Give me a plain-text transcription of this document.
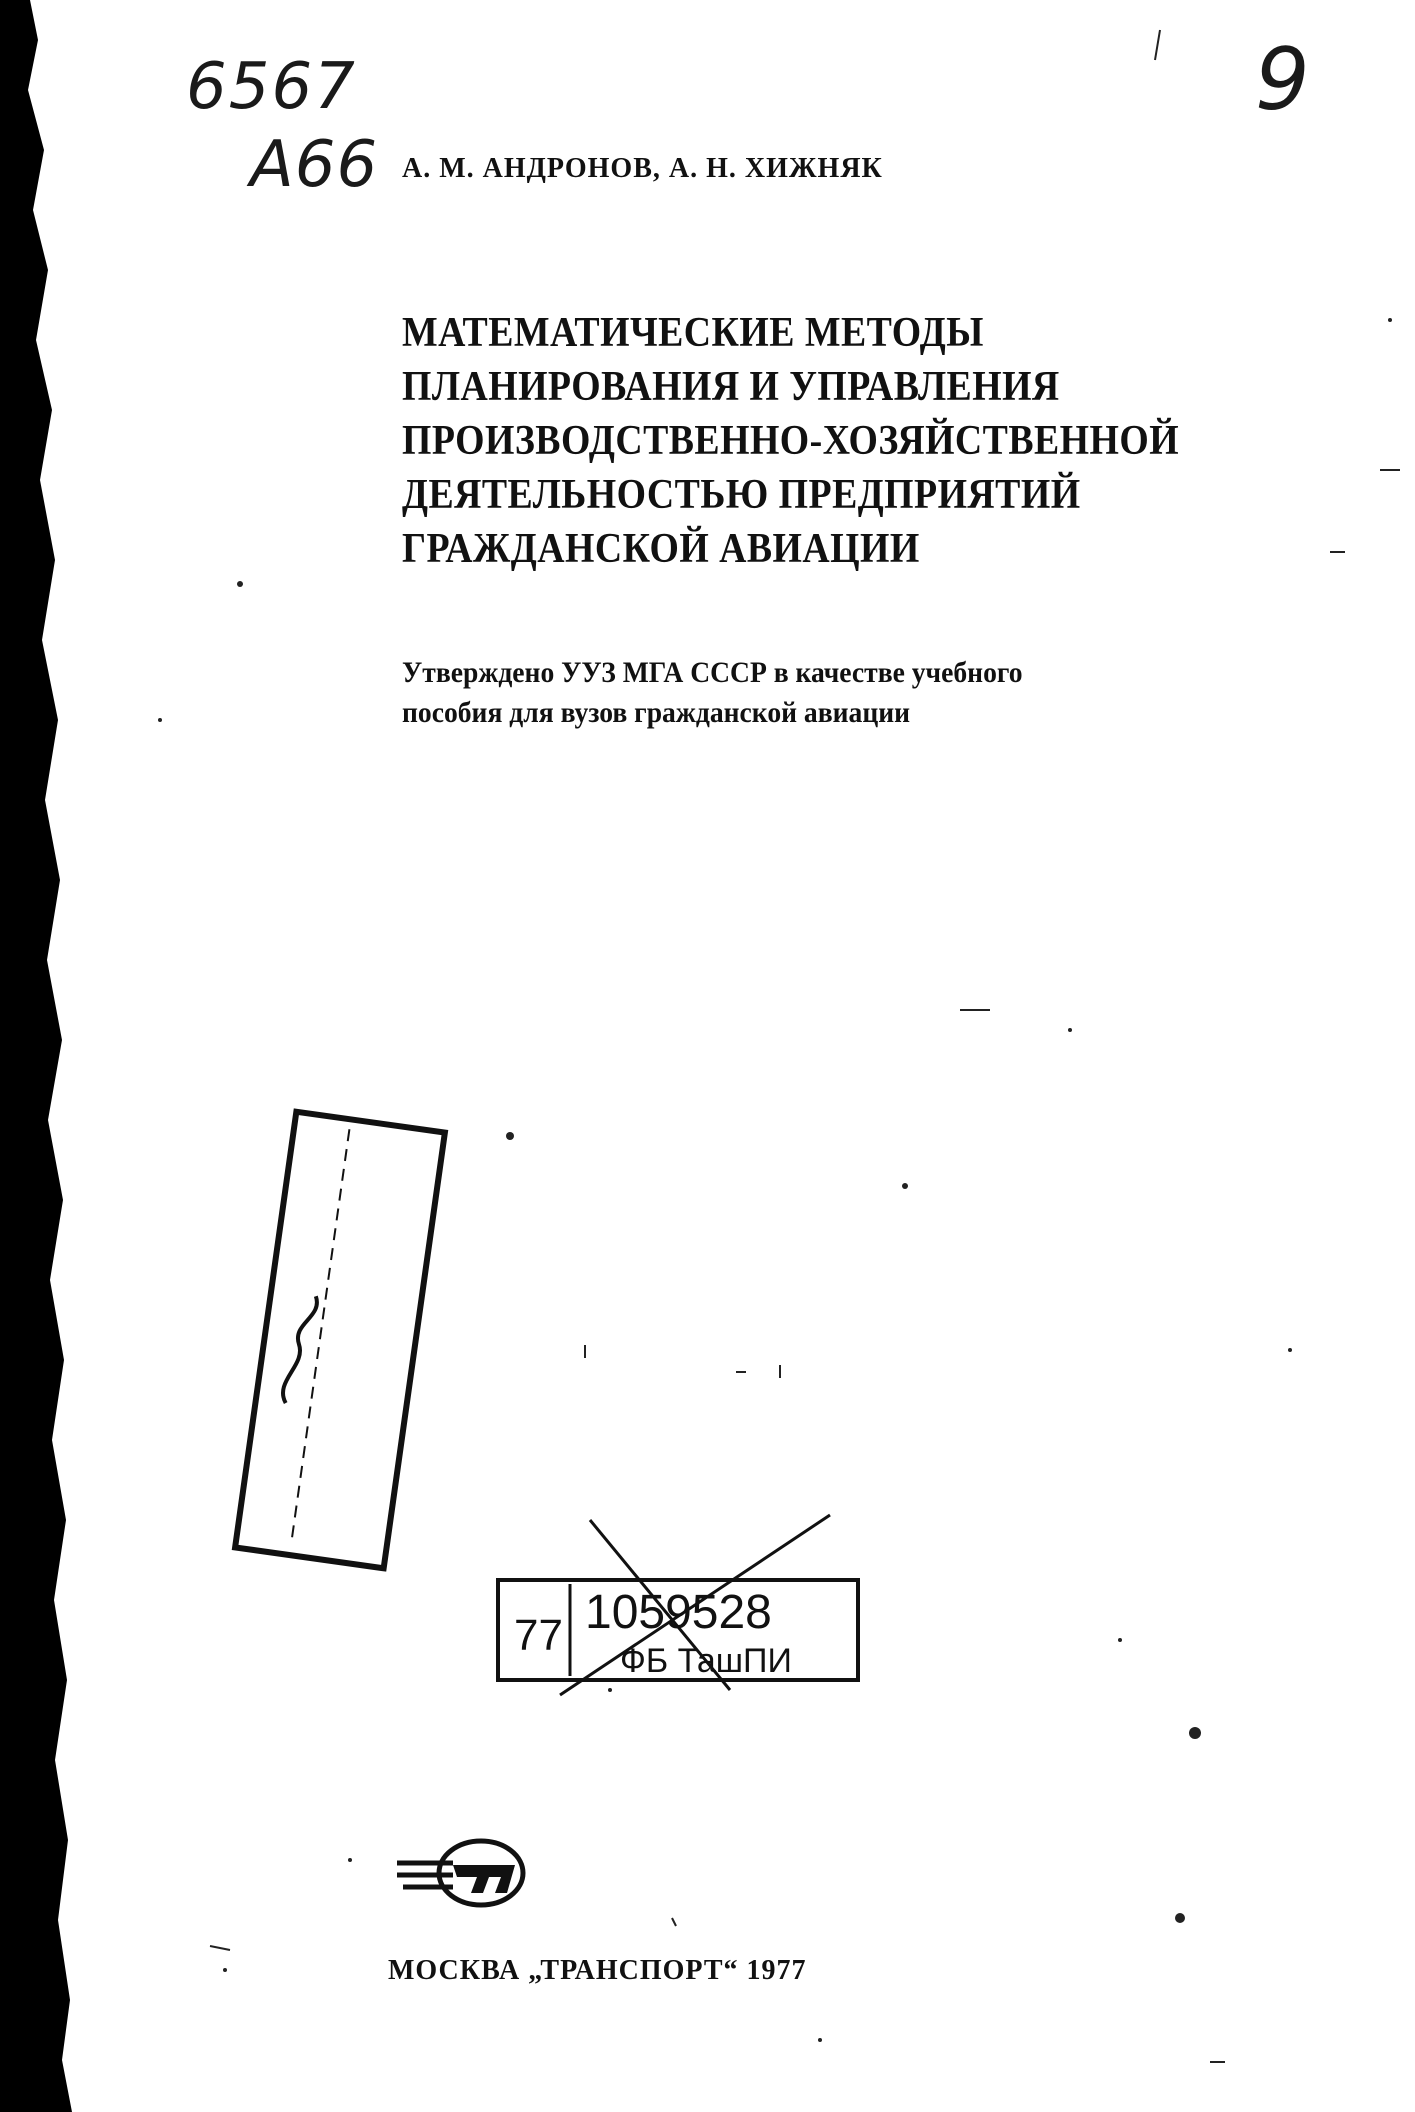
6567
А66
9
А. М. АНДРОНОВ, А. Н. ХИЖНЯК
МАТЕМАТИЧЕСКИЕ МЕТОДЫ
ПЛАНИРОВАНИЯ И УПРАВЛЕНИЯ
ПРОИЗВОДСТВЕННО-ХОЗЯЙСТВЕННОЙ
ДЕЯТЕЛЬНОСТЬЮ ПРЕДПРИЯТИЙ
ГРАЖДАНСКОЙ АВИАЦИИ
Утверждено УУЗ МГА СССР в качестве учебного
пособия для вузов гражданской авиации
77 1059528
ФБ ТашПИ
МОСКВА „ТРАНСПОРТ“ 1977
